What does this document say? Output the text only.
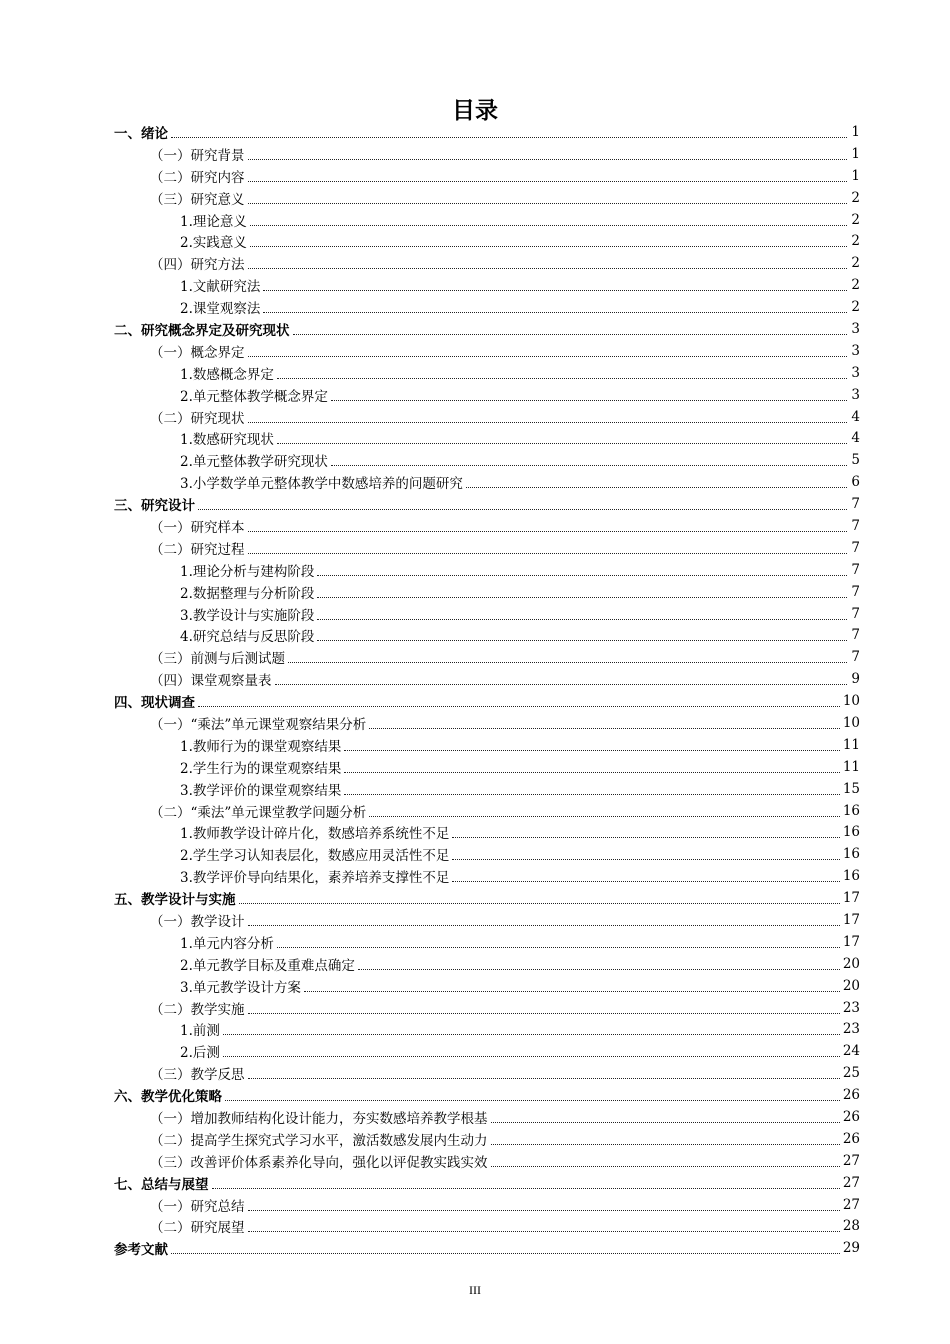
目录
一、绪论	1
（一）研究背景	1
（二）研究内容	1
（三）研究意义	2
1.理论意义	2
2.实践意义	2
（四）研究方法	2
1.文献研究法	2
2.课堂观察法	2
二、研究概念界定及研究现状	3
（一）概念界定	3
1.数感概念界定	3
2.单元整体教学概念界定	3
（二）研究现状	4
1.数感研究现状	4
2.单元整体教学研究现状	5
3.小学数学单元整体教学中数感培养的问题研究	6
三、研究设计	7
（一）研究样本	7
（二）研究过程	7
1.理论分析与建构阶段	7
2.数据整理与分析阶段	7
3.教学设计与实施阶段	7
4.研究总结与反思阶段	7
（三）前测与后测试题	7
（四）课堂观察量表	9
四、现状调查	10
（一）“乘法”单元课堂观察结果分析	10
1.教师行为的课堂观察结果	11
2.学生行为的课堂观察结果	11
3.教学评价的课堂观察结果	15
（二）“乘法”单元课堂教学问题分析	16
1.教师教学设计碎片化，数感培养系统性不足	16
2.学生学习认知表层化，数感应用灵活性不足	16
3.教学评价导向结果化，素养培养支撑性不足	16
五、教学设计与实施	17
（一）教学设计	17
1.单元内容分析	17
2.单元教学目标及重难点确定	20
3.单元教学设计方案	20
（二）教学实施	23
1.前测	23
2.后测	24
（三）教学反思	25
六、教学优化策略	26
（一）增加教师结构化设计能力，夯实数感培养教学根基	26
（二）提高学生探究式学习水平，激活数感发展内生动力	26
（三）改善评价体系素养化导向，强化以评促教实践实效	27
七、总结与展望	27
（一）研究总结	27
（二）研究展望	28
参考文献	29
III
